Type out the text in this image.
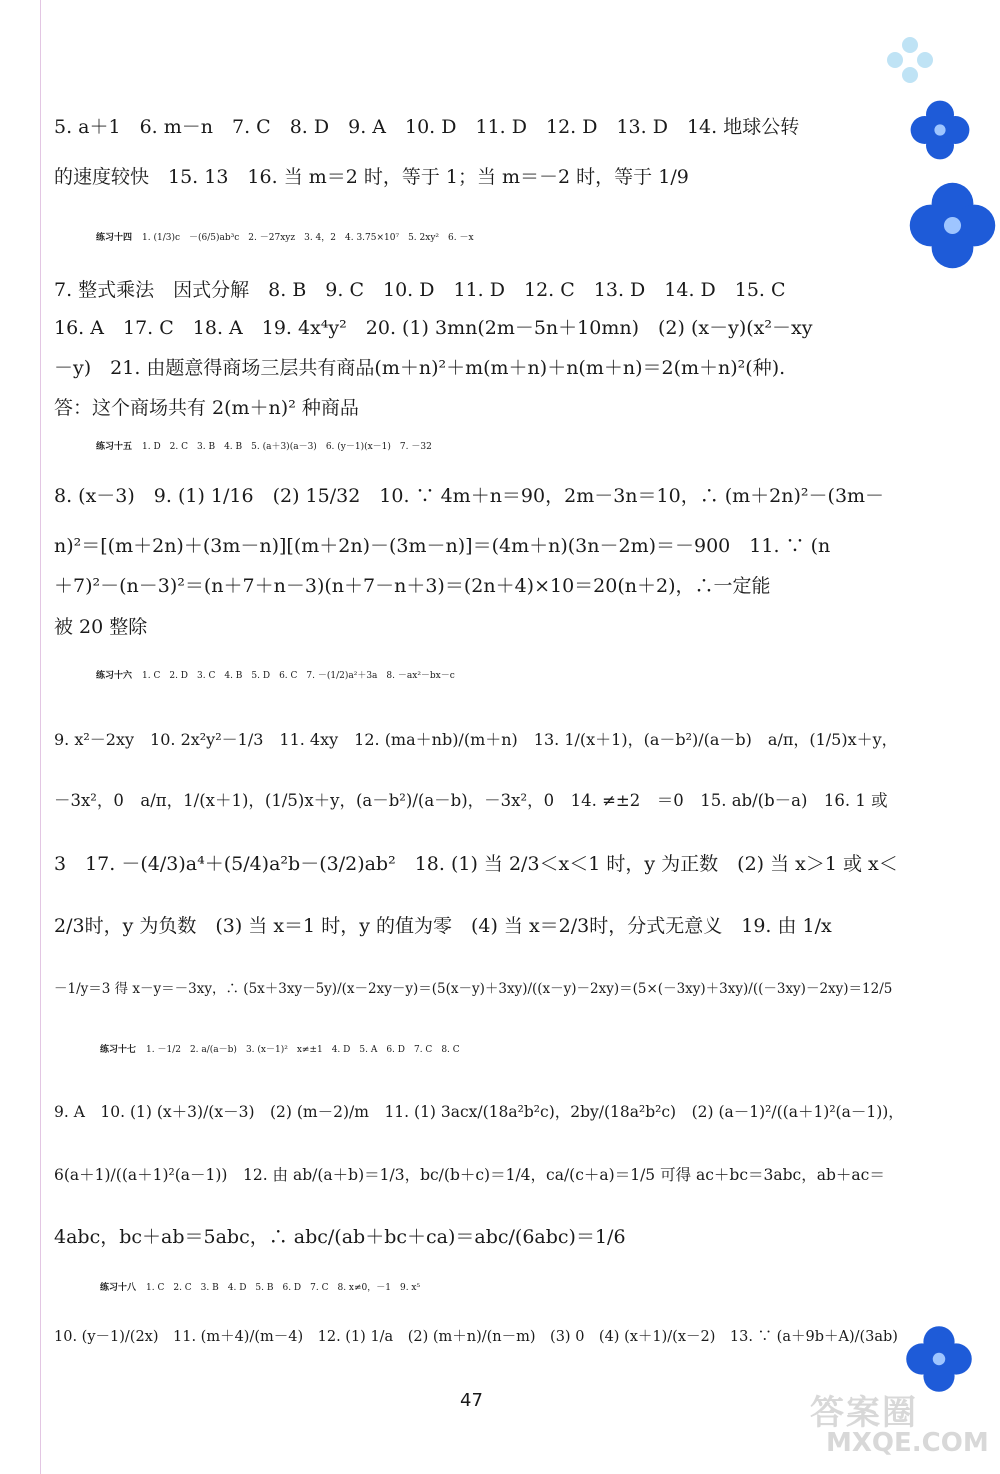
5. a＋1　6. m－n　7. C　8. D　9. A　10. D　11. D　12. D　13. D　14. 地球公转
的速度较快　15. 13　16. 当 m＝2 时，等于 1；当 m＝－2 时，等于 1/9
练习十四 1. (1/3)c　－(6/5)ab³c　2. －27xyz　3. 4，2　4. 3.75×10⁷　5. 2xy²　6. －x
7. 整式乘法　因式分解　8. B　9. C　10. D　11. D　12. C　13. D　14. D　15. C
16. A　17. C　18. A　19. 4x⁴y²　20. (1) 3mn(2m－5n＋10mn)　(2) (x－y)(x²－xy
－y)　21. 由题意得商场三层共有商品(m＋n)²＋m(m＋n)＋n(m＋n)＝2(m＋n)²(种).
答：这个商场共有 2(m＋n)² 种商品
练习十五 1. D　2. C　3. B　4. B　5. (a＋3)(a－3)　6. (y－1)(x－1)　7. －32
8. (x－3)　9. (1) 1/16　(2) 15/32　10. ∵ 4m＋n＝90，2m－3n＝10，∴ (m＋2n)²－(3m－
n)²＝[(m＋2n)＋(3m－n)][(m＋2n)－(3m－n)]＝(4m＋n)(3n－2m)＝－900　11. ∵ (n
＋7)²－(n－3)²＝(n＋7＋n－3)(n＋7－n＋3)＝(2n＋4)×10＝20(n＋2)，∴一定能
被 20 整除
练习十六 1. C　2. D　3. C　4. B　5. D　6. C　7. －(1/2)a²＋3a　8. －ax²－bx－c
9. x²－2xy　10. 2x²y²－1/3　11. 4xy　12. (ma＋nb)/(m＋n)　13. 1/(x＋1)，(a－b²)/(a－b)　a/π，(1/5)x＋y，
－3x²，0　a/π，1/(x＋1)，(1/5)x＋y，(a－b²)/(a－b)，－3x²，0　14. ≠±2　＝0　15. ab/(b－a)　16. 1 或
3　17. －(4/3)a⁴＋(5/4)a²b－(3/2)ab²　18. (1) 当 2/3＜x＜1 时，y 为正数　(2) 当 x＞1 或 x＜
2/3时，y 为负数　(3) 当 x＝1 时，y 的值为零　(4) 当 x＝2/3时，分式无意义　19. 由 1/x
－1/y＝3 得 x－y＝－3xy，∴ (5x＋3xy－5y)/(x－2xy－y)＝(5(x－y)＋3xy)/((x－y)－2xy)＝(5×(－3xy)＋3xy)/((－3xy)－2xy)＝12/5
练习十七 1. －1/2　2. a/(a－b)　3. (x－1)²　x≠±1　4. D　5. A　6. D　7. C　8. C
9. A　10. (1) (x＋3)/(x－3)　(2) (m－2)/m　11. (1) 3acx/(18a²b²c)，2by/(18a²b²c)　(2) (a－1)²/((a＋1)²(a－1))，
6(a＋1)/((a＋1)²(a－1))　12. 由 ab/(a＋b)＝1/3，bc/(b＋c)＝1/4，ca/(c＋a)＝1/5 可得 ac＋bc＝3abc，ab＋ac＝
4abc，bc＋ab＝5abc，∴ abc/(ab＋bc＋ca)＝abc/(6abc)＝1/6
练习十八 1. C　2. C　3. B　4. D　5. B　6. D　7. C　8. x≠0，－1　9. x⁵
10. (y－1)/(2x)　11. (m＋4)/(m－4)　12. (1) 1/a　(2) (m＋n)/(n－m)　(3) 0　(4) (x＋1)/(x－2)　13. ∵ (a＋9b＋A)/(3ab)
47	答案圈
MXQE.COM
